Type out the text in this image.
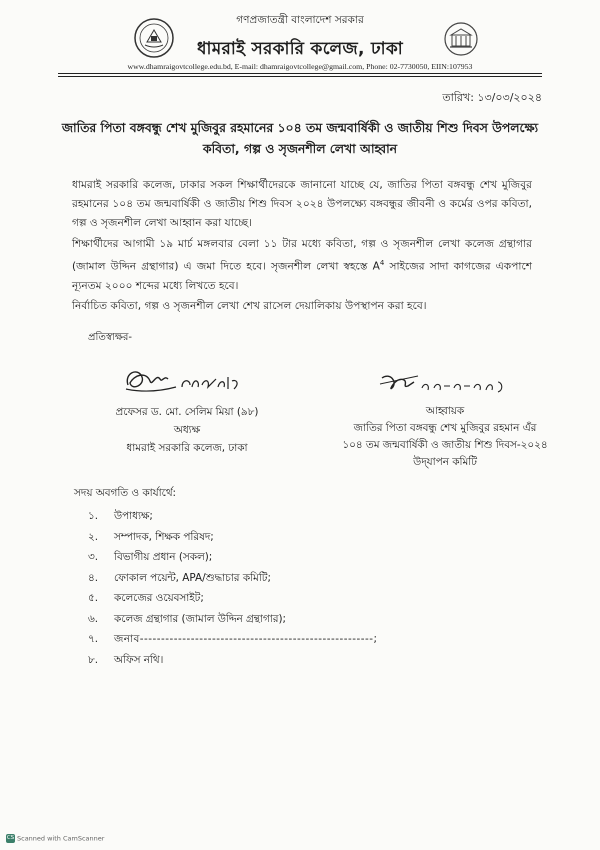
গণপ্রজাতন্ত্রী বাংলাদেশ সরকার
ধামরাই সরকারি কলেজ, ঢাকা
www.dhamraigovtcollege.edu.bd, E-mail: dhamraigovtcollege@gmail.com, Phone: 02-7730050, EIIN:107953
তারিখ: ১৩/০৩/২০২৪
জাতির পিতা বঙ্গবন্ধু শেখ মুজিবুর রহমানের ১০৪ তম জন্মবার্ষিকী ও জাতীয় শিশু দিবস উপলক্ষ্যে
কবিতা, গল্প ও সৃজনশীল লেখা আহ্বান
ধামরাই সরকারি কলেজ, ঢাকার সকল শিক্ষার্থীদেরকে জানানো যাচ্ছে যে, জাতির পিতা বঙ্গবন্ধু শেখ মুজিবুর রহমানের ১০৪ তম জন্মবার্ষিকী ও জাতীয় শিশু দিবস ২০২৪ উপলক্ষ্যে বঙ্গবন্ধুর জীবনী ও কর্মের ওপর কবিতা, গল্প ও সৃজনশীল লেখা আহ্বান করা যাচ্ছে।
শিক্ষার্থীদের আগামী ১৯ মার্চ মঙ্গলবার বেলা ১১ টার মধ্যে কবিতা, গল্প ও সৃজনশীল লেখা কলেজ গ্রন্থাগার (জামাল উদ্দিন গ্রন্থাগার) এ জমা দিতে হবে। সৃজনশীল লেখা স্বহস্তে $A^4$ সাইজের সাদা কাগজের একপাশে ন্যূনতম ২০০০ শব্দের মধ্যে লিখতে হবে।
নির্বাচিত কবিতা, গল্প ও সৃজনশীল লেখা শেখ রাসেল দেয়ালিকায় উপস্থাপন করা হবে।
প্রতিস্বাক্ষর-
প্রফেসর ড. মো. সেলিম মিয়া (৯৮)
অধ্যক্ষ
ধামরাই সরকারি কলেজ, ঢাকা
আহ্বায়ক
জাতির পিতা বঙ্গবন্ধু শেখ মুজিবুর রহমান এঁর
১০৪ তম জন্মবার্ষিকী ও জাতীয় শিশু দিবস-২০২৪
উদ্‌যাপন কমিটি
সদয় অবগতি ও কার্যার্থে:
১. উপাধ্যক্ষ;
২. সম্পাদক, শিক্ষক পরিষদ;
৩. বিভাগীয় প্রধান (সকল);
৪. ফোকাল পয়েন্ট, APA/শুদ্ধাচার কমিটি;
৫. কলেজের ওয়েবসাইট;
৬. কলেজ গ্রন্থাগার (জামাল উদ্দিন গ্রন্থাগার);
৭. জনাব-------------------------------------------------------;
৮. অফিস নথি।
CS Scanned with CamScanner
